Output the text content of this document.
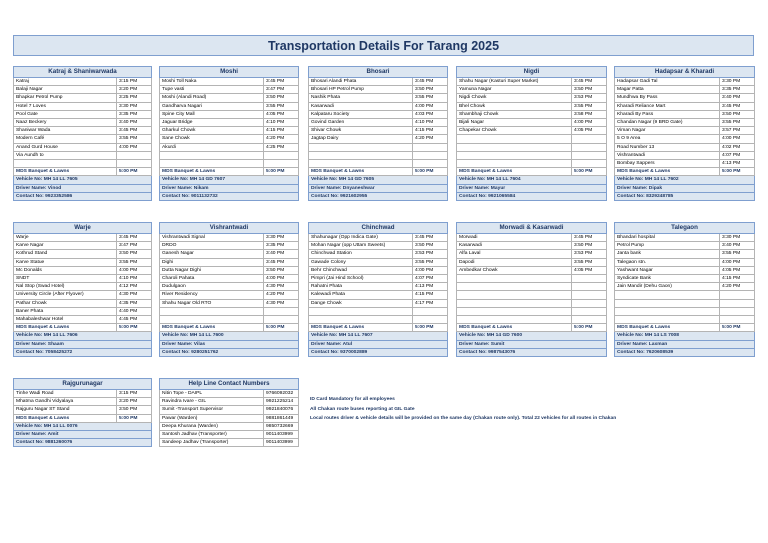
Transportation Details For Tarang 2025
Katraj & Shaniwarwada	
Katraj	3:15 PM
Balaji Nagar	3:20 PM
Bhapkar Petrol Pump	3:25 PM
Hotel 7 Loves	3:30 PM
Pool Gate	3:35 PM
Naaz Beckery	3:40 PM
Shaniwar Wada	3:45 PM
Modern Café	3:55 PM
Anand Gurd House	4:00 PM
Via Aundh to	

MDS Banquet & Lawns	5:00 PM
Vehicle No: MH 14 LL 7605	
Driver Name: Vinod	
Contact No: 9923352586	
Moshi	
Moshi Toll Naka	3:45 PM
Tupe vasti	3:47 PM
Moshi (Alandi Road)	3:50 PM
Gandharva Nagari	3:55 PM
Spine City Mall	4:05 PM
Jaguar Bridge	4:10 PM
Gharkul Chowk	4:15 PM
Sane Chowk	4:20 PM
Akurdi	4:25 PM

MDS Banquet & Lawns	5:00 PM
Vehicle No: MH 14 GD 7607	
Driver Name: Nikam	
Contact No: 9011132732	
Bhosari	
Bhosari Alandi Phata	3:45 PM
Bhosari HP Petrol Pump	3:50 PM
Nashik Phata	3:55 PM
Kasarwadi	4:00 PM
Kalpataru Society	4:03 PM
Govind Garden	4:10 PM
Shivar Chowk	4:15 PM
Jagtap Dairy	4:20 PM

MDS Banquet & Lawns	5:00 PM
Vehicle No: MH 14 GD 7605	
Driver Name: Dnyaneshwar	
Contact No: 9921602955	
Nigdi	
Shahu Nagar (Kasturi Super Market)	3:45 PM
Yamuna Nagar	3:50 PM
Nigdi Chowk	3:53 PM
Bhel Chowk	3:55 PM
Shambhaji Chowk	3:58 PM
Bijali Nagar	4:00 PM
Chapekar Chowk	4:05 PM

MDS Banquet & Lawns	5:00 PM
Vehicle No: MH 14 LL 7604	
Driver Name: Mayur	
Contact No: 9921065584	
Hadapsar & Kharadi	
Hadapsar Gadi Tal	3:30 PM
Magar Patta	3:35 PM
Mundhwa By Pass	3:40 PM
Kharadi Reliance Mart	3:45 PM
Kharadi By Pass	3:50 PM
Chandan Nagar (9 BRD Gate)	3:55 PM
Viman Nagar	3:57 PM
5 O 9 Area	4:00 PM
Road Number 13	4:02 PM
Vishrantwadi	4:07 PM
Bombay Sappers	4:13 PM
MDS Banquet & Lawns	5:00 PM
Vehicle No: MH 14 LL 7602	
Driver Name: Dipak	
Contact No: 8329248785	
Warje	
Warje	3:45 PM
Karve Nagar	3:47 PM
Kothrud Stand	3:50 PM
Karve Statue	3:55 PM
Mc Donalds	4:00 PM
SNDT	4:10 PM
Nal Stop (Swad Hotel)	4:12 PM
University Circle (After Flyover)	4:30 PM
Pathar Chowk	4:35 PM
Baner Phata	4:40 PM
Mahabaleshwar Hotel	4:45 PM
MDS Banquet & Lawns	5:00 PM
Vehicle No: MH 14 LL 7606	
Driver Name: Shaam	
Contact No: 7058425272	
Vishrantwadi	
Vishrantwadi Signal	3:30 PM
DRDO	3:35 PM
Ganesh Nagar	3:40 PM
Dighi	3:45 PM
Dutta Nagar Dighi	3:50 PM
Charoli Pahata	4:00 PM
Dudulgaon	4:30 PM
River Residency	4:20 PM
Shahu Nagar Old RTO	4:30 PM

MDS Banquet & Lawns	5:00 PM
Vehicle No: MH 14 LL 7600	
Driver Name: Vilas	
Contact No: 9280251762	
Chinchwad	
Shahunagar (Opp Indica Gate)	3:45 PM
Mohan Nagar (opp Uttam Sweets)	3:50 PM
Chinchwad Station	3:53 PM
Gawade Colony	3:55 PM
Behr Chinchwad	4:00 PM
Pimpri (Jai Hind School)	4:07 PM
Rahatni Phata	4:13 PM
Kalewadi Phata	4:15 PM
Dange Chowk	4:17 PM

MDS Banquet & Lawns	5:00 PM
Vehicle No: MH 14 LL 7607	
Driver Name: Atul	
Contact No: 9370002889	
Morwadi & Kasarwadi	
Morwadi	3:45 PM
Kasarwadi	3:50 PM
Alfa Laval	3:53 PM
Dapodi	3:55 PM
Ambedkar Chowk	4:05 PM

MDS Banquet & Lawns	5:00 PM
Vehicle No: MH 14 GD 7600	
Driver Name: Sumit	
Contact No: 9987543076	
Talegaon	
Bhandari hospital	3:30 PM
Petrol Pump	3:40 PM
Janta bank	3:55 PM
Talegaon stn.	4:00 PM
Yashwant Nagar	4:05 PM
Syndicate Bank	4:15 PM
Jain Mandir (Dehu Gaon)	4:20 PM

MDS Banquet & Lawns	5:00 PM
Vehicle No: MH 14 LS 7008	
Driver Name: Laxman	
Contact No: 7620608539	
Rajgurunagar	
Tinhe Wadi Road	3:15 PM
Mhatma Gandhi Vidyalaya	3:20 PM
Rajguru Nagar ST Stand	3:50 PM
MDS Banquet & Lawns	5:00 PM
Vehicle No: MH 14 LL 0076	
Driver Name: Amit	
Contact No: 9881260076	
Help Line Contact Numbers	
Nitin Tope - DAIPL	9766092032
Ravindra Ivare - GIL	9921225214
Sumit -Transport Supervisor	9921840076
Pawar (Warden)	9881861449
Deepa Khurana (Warden)	9850732669
Santosh Jadhav (Transporter)	9011403999
Sandeep Jadhav (Transporter)	9011403999
ID Card Mandatory for all employees
All Chakan route buses reporting at GIL Gate
Local routes driver & vehicle details will be provided on the same day (Chakan route only). Total 22 vehicles for all routes in Chakan
